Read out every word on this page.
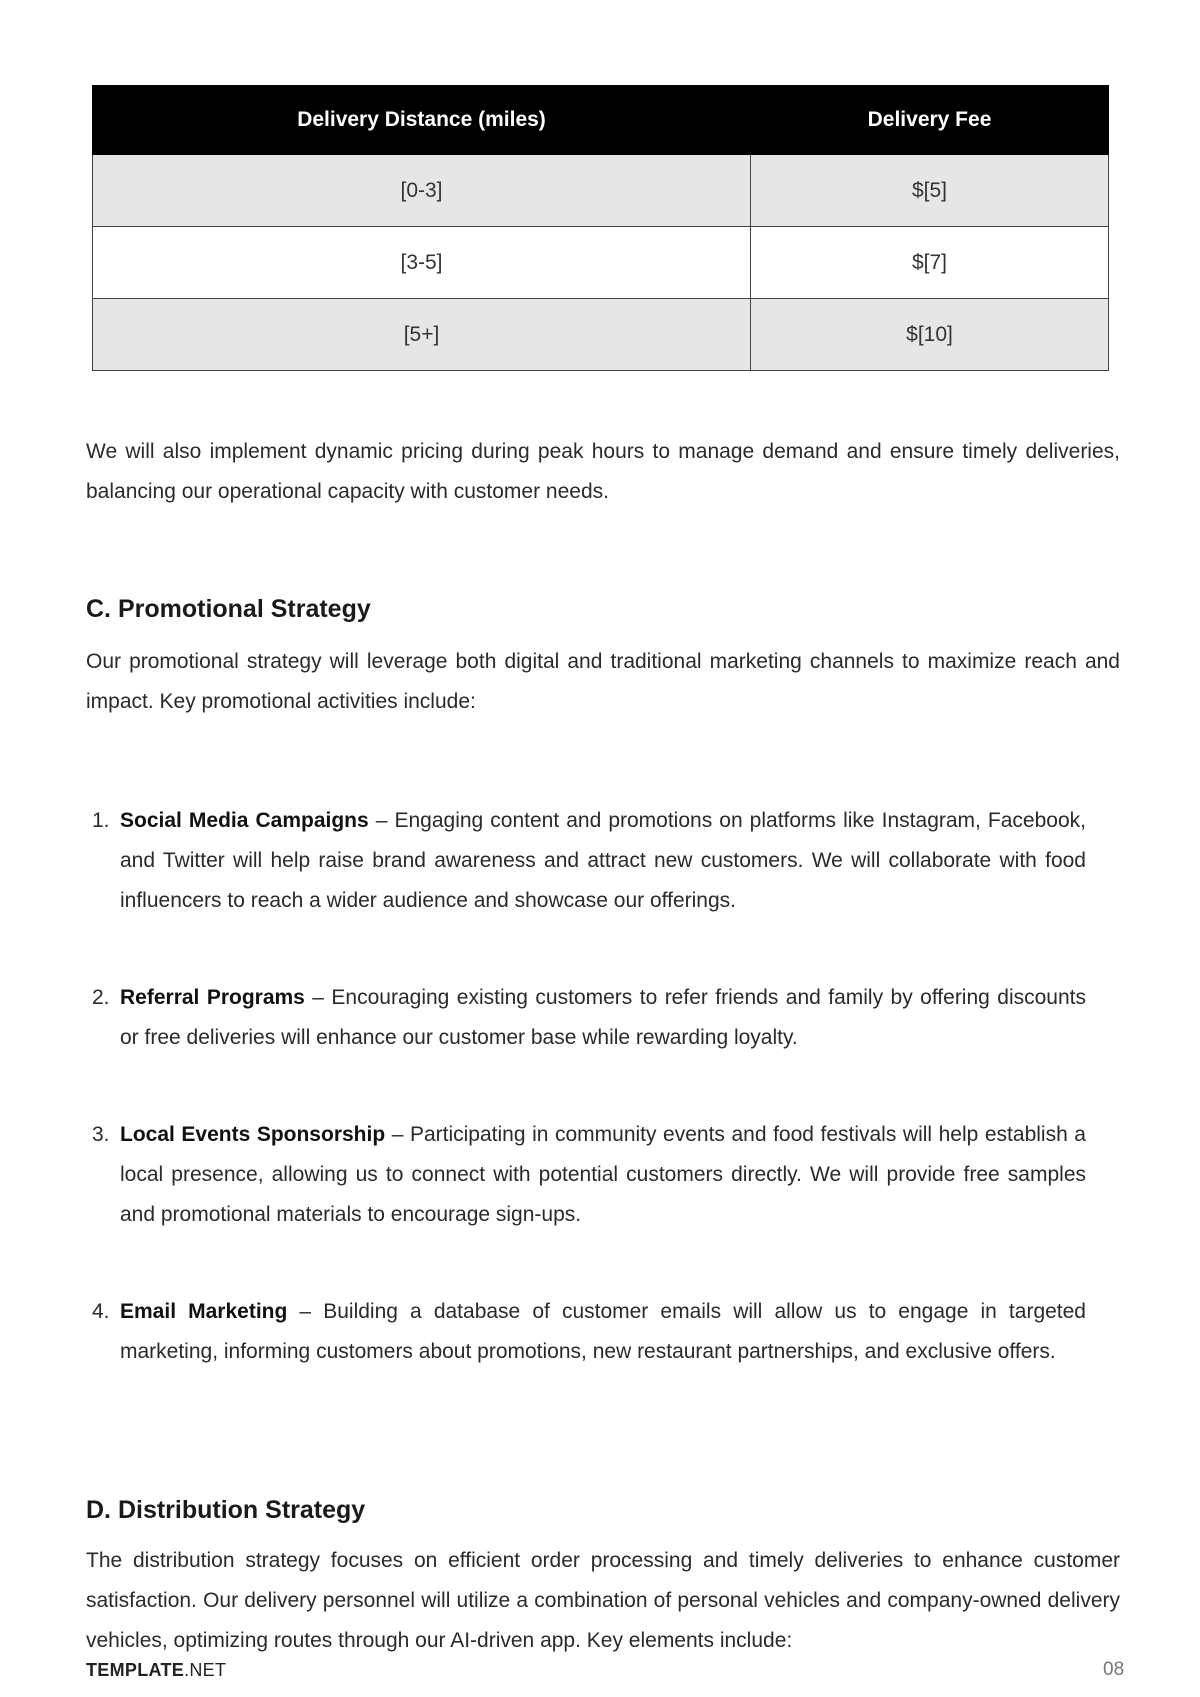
Delivery Distance (miles)	Delivery Fee
[0-3]	$[5]
[3-5]	$[7]
[5+]	$[10]

We will also implement dynamic pricing during peak hours to manage demand and ensure timely deliveries, balancing our operational capacity with customer needs.

C. Promotional Strategy

Our promotional strategy will leverage both digital and traditional marketing channels to maximize reach and impact. Key promotional activities include:

1. Social Media Campaigns – Engaging content and promotions on platforms like Instagram, Facebook, and Twitter will help raise brand awareness and attract new customers. We will collaborate with food influencers to reach a wider audience and showcase our offerings.
2. Referral Programs – Encouraging existing customers to refer friends and family by offering discounts or free deliveries will enhance our customer base while rewarding loyalty.
3. Local Events Sponsorship – Participating in community events and food festivals will help establish a local presence, allowing us to connect with potential customers directly. We will provide free samples and promotional materials to encourage sign-ups.
4. Email Marketing – Building a database of customer emails will allow us to engage in targeted marketing, informing customers about promotions, new restaurant partnerships, and exclusive offers.
D. Distribution Strategy

The distribution strategy focuses on efficient order processing and timely deliveries to enhance customer satisfaction. Our delivery personnel will utilize a combination of personal vehicles and company-owned delivery vehicles, optimizing routes through our AI-driven app. Key elements include:

TEMPLATE.NET	08
